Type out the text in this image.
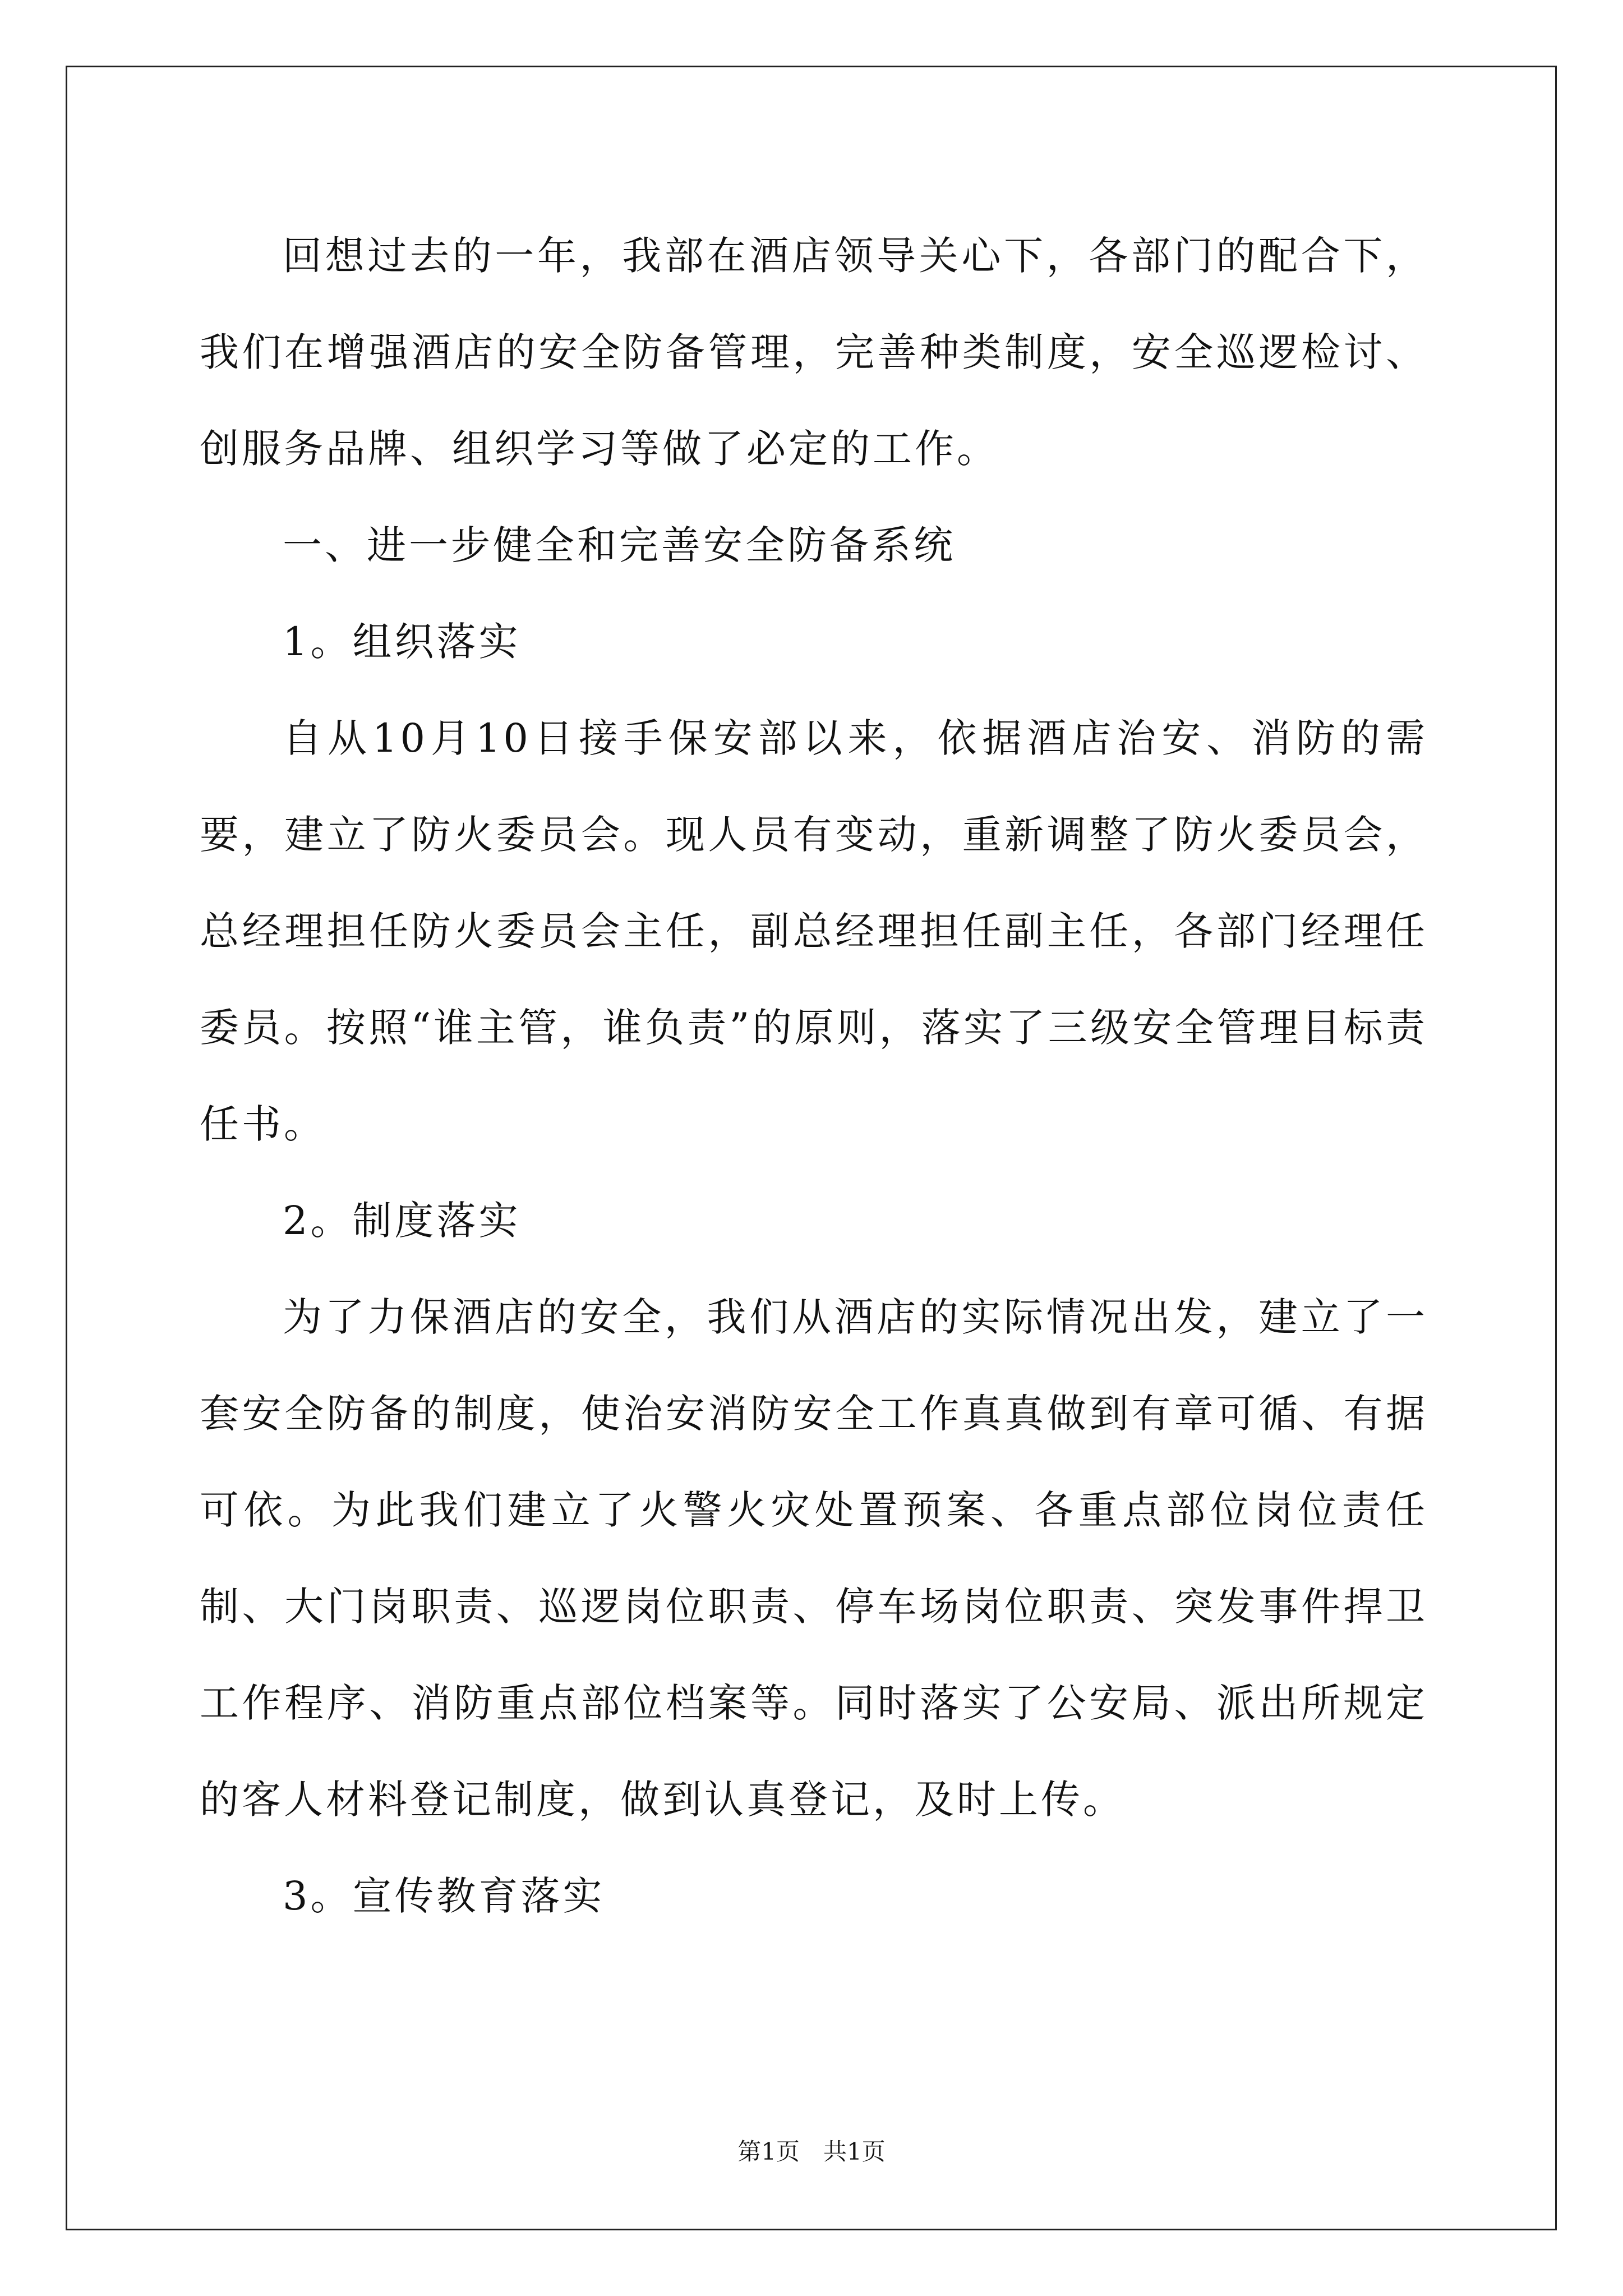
回想过去的一年，我部在酒店领导关心下，各部门的配合下，我们在增强酒店的安全防备管理，完善种类制度，安全巡逻检讨、创服务品牌、组织学习等做了必定的工作。

一、进一步健全和完善安全防备系统

1。组织落实

自从10月10日接手保安部以来，依据酒店治安、消防的需要，建立了防火委员会。现人员有变动，重新调整了防火委员会，总经理担任防火委员会主任，副总经理担任副主任，各部门经理任委员。按照“谁主管，谁负责”的原则，落实了三级安全管理目标责任书。

2。制度落实

为了力保酒店的安全，我们从酒店的实际情况出发，建立了一套安全防备的制度，使治安消防安全工作真真做到有章可循、有据可依。为此我们建立了火警火灾处置预案、各重点部位岗位责任制、大门岗职责、巡逻岗位职责、停车场岗位职责、突发事件捍卫工作程序、消防重点部位档案等。同时落实了公安局、派出所规定的客人材料登记制度，做到认真登记，及时上传。

3。宣传教育落实

第1页　共1页
